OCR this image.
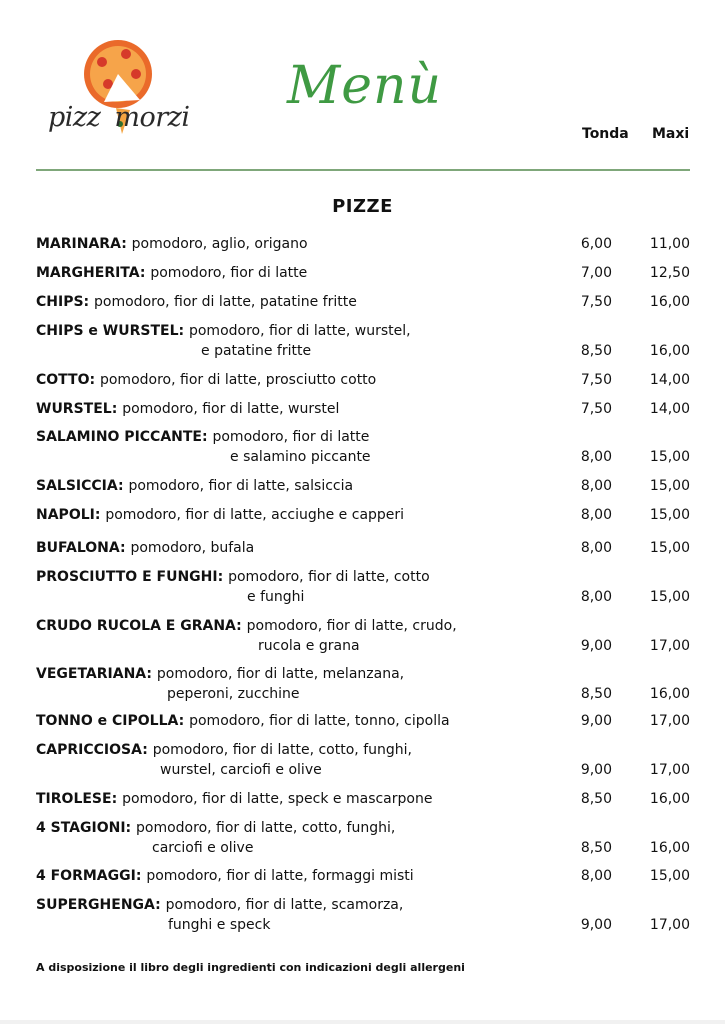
pizz morzi
Menù
Tonda Maxi
PIZZE
MARINARA: pomodoro, aglio, origano	6,00	11,00
MARGHERITA: pomodoro, fior di latte	7,00	12,50
CHIPS: pomodoro, fior di latte, patatine fritte	7,50	16,00
CHIPS e WURSTEL: pomodoro, fior di latte, wurstel,
e patatine fritte	8,50	16,00
COTTO: pomodoro, fior di latte, prosciutto cotto	7,50	14,00
WURSTEL: pomodoro, fior di latte, wurstel	7,50	14,00
SALAMINO PICCANTE: pomodoro, fior di latte
e salamino piccante	8,00	15,00
SALSICCIA: pomodoro, fior di latte, salsiccia	8,00	15,00
NAPOLI: pomodoro, fior di latte, acciughe e capperi	8,00	15,00
BUFALONA: pomodoro, bufala	8,00	15,00
PROSCIUTTO E FUNGHI: pomodoro, fior di latte, cotto
e funghi	8,00	15,00
CRUDO RUCOLA E GRANA: pomodoro, fior di latte, crudo,
rucola e grana	9,00	17,00
VEGETARIANA: pomodoro, fior di latte, melanzana,
peperoni, zucchine	8,50	16,00
TONNO e CIPOLLA: pomodoro, fior di latte, tonno, cipolla	9,00	17,00
CAPRICCIOSA: pomodoro, fior di latte, cotto, funghi,
wurstel, carciofi e olive	9,00	17,00
TIROLESE: pomodoro, fior di latte, speck e mascarpone	8,50	16,00
4 STAGIONI: pomodoro, fior di latte, cotto, funghi,
carciofi e olive	8,50	16,00
4 FORMAGGI: pomodoro, fior di latte, formaggi misti	8,00	15,00
SUPERGHENGA: pomodoro, fior di latte, scamorza,
funghi e speck	9,00	17,00
A disposizione il libro degli ingredienti con indicazioni degli allergeni
